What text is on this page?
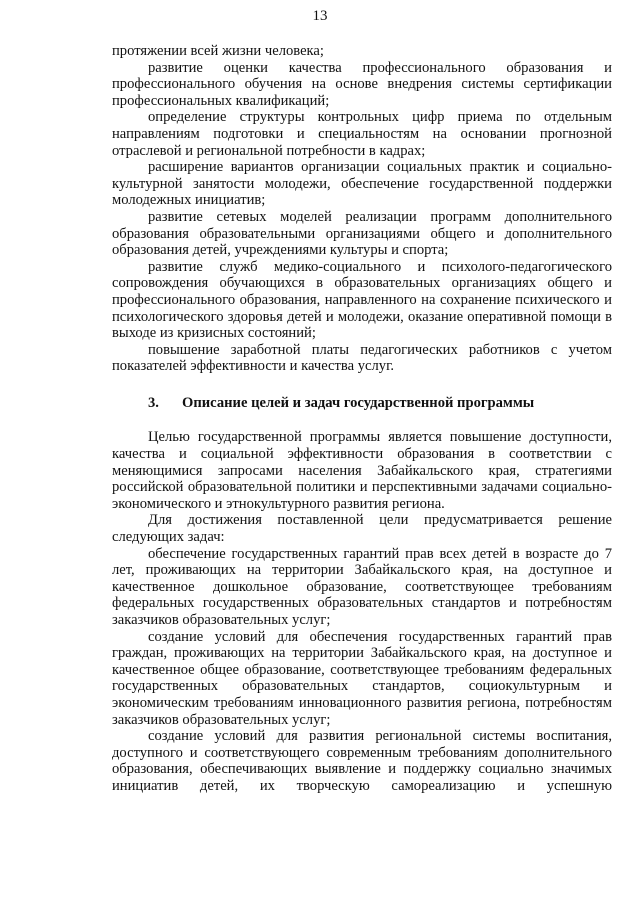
13

протяжении всей жизни человека;

развитие оценки качества профессионального образования и профессионального обучения на основе внедрения системы сертификации профессиональных квалификаций;

определение структуры контрольных цифр приема по отдельным направлениям подготовки и специальностям на основании прогнозной отраслевой и региональной потребности в кадрах;

расширение вариантов организации социальных практик и социально-культурной занятости молодежи, обеспечение государственной поддержки молодежных инициатив;

развитие сетевых моделей реализации программ дополнительного образования образовательными организациями общего и дополнительного образования детей, учреждениями культуры и спорта;

развитие служб медико-социального и психолого-педагогического сопровождения обучающихся в образовательных организациях общего и профессионального образования, направленного на сохранение психического и психологического здоровья детей и молодежи, оказание оперативной помощи в выходе из кризисных состояний;

повышение заработной платы педагогических работников с учетом показателей эффективности и качества услуг.

3.	Описание целей и задач государственной программы

Целью государственной программы является повышение доступности, качества и социальной эффективности образования в соответствии с меняющимися запросами населения Забайкальского края, стратегиями российской образовательной политики и перспективными задачами социально-экономического и этнокультурного развития региона.

Для достижения поставленной цели предусматривается решение следующих задач:

обеспечение государственных гарантий прав всех детей в возрасте до 7 лет, проживающих на территории Забайкальского края, на доступное и качественное дошкольное образование, соответствующее требованиям федеральных государственных образовательных стандартов и потребностям заказчиков образовательных услуг;

создание условий для обеспечения государственных гарантий прав граждан, проживающих на территории Забайкальского края, на доступное и качественное общее образование, соответствующее требованиям федеральных государственных образовательных стандартов, социокультурным и экономическим требованиям инновационного развития региона, потребностям заказчиков образовательных услуг;

создание условий для развития региональной системы воспитания, доступного и соответствующего современным требованиям дополнительного образования, обеспечивающих выявление и поддержку социально значимых инициатив детей, их творческую самореализацию и успешную
